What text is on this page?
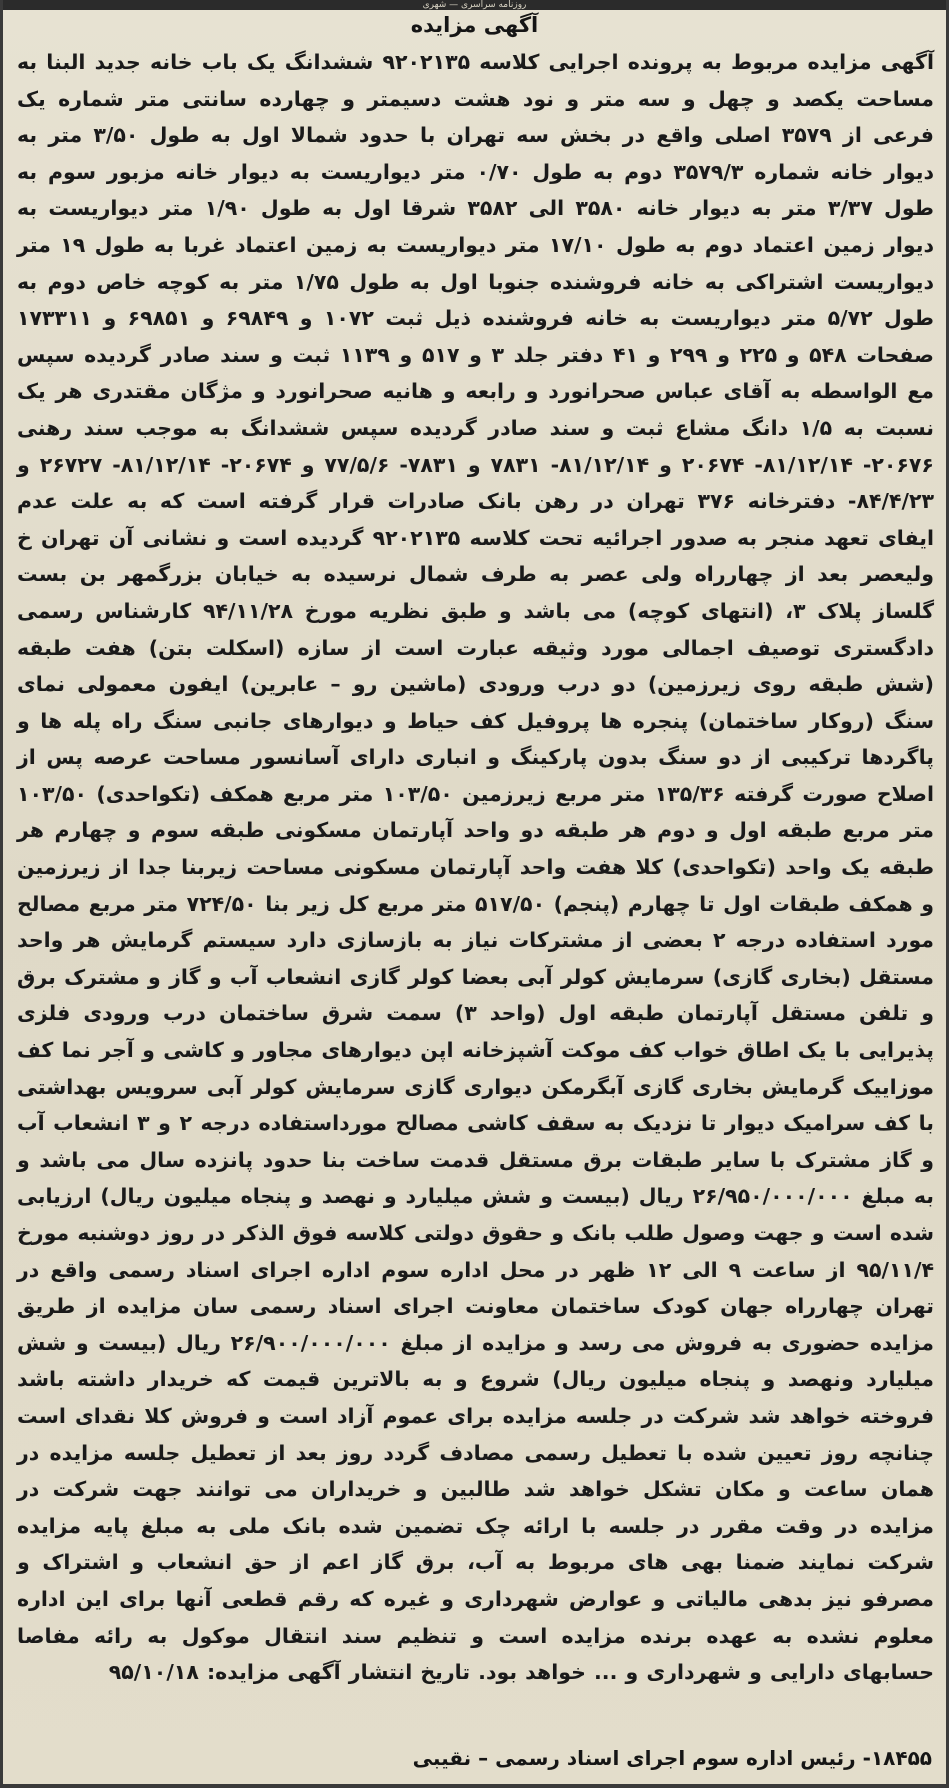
روزنامه سراسری — شهری
آگهی مزایده
آگهی مزایده مربوط به پرونده اجرایی کلاسه ۹۲۰۲۱۳۵ ششدانگ یک باب خانه جدید البنا به مساحت یکصد و چهل و سه متر و نود هشت دسیمتر و چهارده سانتی متر شماره یک فرعی از ۳۵۷۹ اصلی واقع در بخش سه تهران با حدود شمالا اول به طول ۳/۵۰ متر به دیوار خانه شماره ۳۵۷۹/۳ دوم به طول ۰/۷۰ متر دیواریست به دیوار خانه مزبور سوم به طول ۳/۳۷ متر به دیوار خانه ۳۵۸۰ الی ۳۵۸۲ شرقا اول به طول ۱/۹۰ متر دیواریست به دیوار زمین اعتماد دوم به طول ۱۷/۱۰ متر دیواریست به زمین اعتماد غربا به طول ۱۹ متر دیواریست اشتراکی به خانه فروشنده جنوبا اول به طول ۱/۷۵ متر به کوچه خاص دوم به طول ۵/۷۲ متر دیواریست به خانه فروشنده ذیل ثبت ۱۰۷۲ و ۶۹۸۴۹ و ۶۹۸۵۱ و ۱۷۳۳۱۱ صفحات ۵۴۸ و ۲۲۵ و ۲۹۹ و ۴۱ دفتر جلد ۳ و ۵۱۷ و ۱۱۳۹ ثبت و سند صادر گردیده سپس مع الواسطه به آقای عباس صحرانورد و رابعه و هانیه صحرانورد و مژگان مقتدری هر یک نسبت به ۱/۵ دانگ مشاع ثبت و سند صادر گردیده سپس ششدانگ به موجب سند رهنی ۲۰۶۷۶- ۸۱/۱۲/۱۴- ۲۰۶۷۴ و ۸۱/۱۲/۱۴- ۷۸۳۱ و ۷۸۳۱- ۷۷/۵/۶ و ۲۰۶۷۴- ۸۱/۱۲/۱۴- ۲۶۷۲۷ و ۸۴/۴/۲۳- دفترخانه ۳۷۶ تهران در رهن بانک صادرات قرار گرفته است که به علت عدم ایفای تعهد منجر به صدور اجرائیه تحت کلاسه ۹۲۰۲۱۳۵ گردیده است و نشانی آن تهران خ ولیعصر بعد از چهارراه ولی عصر به طرف شمال نرسیده به خیابان بزرگمهر بن بست گلساز پلاک ۳، (انتهای کوچه) می باشد و طبق نظریه مورخ ۹۴/۱۱/۲۸ کارشناس رسمی دادگستری توصیف اجمالی مورد وثیقه عبارت است از سازه (اسکلت بتن) هفت طبقه (شش طبقه روی زیرزمین) دو درب ورودی (ماشین رو – عابرین) ایفون معمولی نمای سنگ (روکار ساختمان) پنجره ها پروفیل کف حیاط و دیوارهای جانبی سنگ راه پله ها و پاگردها ترکیبی از دو سنگ بدون پارکینگ و انباری دارای آسانسور مساحت عرصه پس از اصلاح صورت گرفته ۱۳۵/۳۶ متر مربع زیرزمین ۱۰۳/۵۰ متر مربع همکف (تکواحدی) ۱۰۳/۵۰ متر مربع طبقه اول و دوم هر طبقه دو واحد آپارتمان مسکونی طبقه سوم و چهارم هر طبقه یک واحد (تکواحدی) کلا هفت واحد آپارتمان مسکونی مساحت زیربنا جدا از زیرزمین و همکف طبقات اول تا چهارم (پنجم) ۵۱۷/۵۰ متر مربع کل زیر بنا ۷۲۴/۵۰ متر مربع مصالح مورد استفاده درجه ۲ بعضی از مشترکات نیاز به بازسازی دارد سیستم گرمایش هر واحد مستقل (بخاری گازی) سرمایش کولر آبی بعضا کولر گازی انشعاب آب و گاز و مشترک برق و تلفن مستقل آپارتمان طبقه اول (واحد ۳) سمت شرق ساختمان درب ورودی فلزی پذیرایی با یک اطاق خواب کف موکت آشپزخانه اپن دیوارهای مجاور و کاشی و آجر نما کف موزاییک گرمایش بخاری گازی آبگرمکن دیواری گازی سرمایش کولر آبی سرویس بهداشتی با کف سرامیک دیوار تا نزدیک به سقف کاشی مصالح مورداستفاده درجه ۲ و ۳ انشعاب آب و گاز مشترک با سایر طبقات برق مستقل قدمت ساخت بنا حدود پانزده سال می باشد و به مبلغ ۲۶/۹۵۰/۰۰۰/۰۰۰ ریال (بیست و شش میلیارد و نهصد و پنجاه میلیون ریال) ارزیابی شده است و جهت وصول طلب بانک و حقوق دولتی کلاسه فوق الذکر در روز دوشنبه مورخ ۹۵/۱۱/۴ از ساعت ۹ الی ۱۲ ظهر در محل اداره سوم اداره اجرای اسناد رسمی واقع در تهران چهارراه جهان کودک ساختمان معاونت اجرای اسناد رسمی سان مزایده از طریق مزایده حضوری به فروش می رسد و مزایده از مبلغ ۲۶/۹۰۰/۰۰۰/۰۰۰ ریال (بیست و شش میلیارد ونهصد و پنجاه میلیون ریال) شروع و به بالاترین قیمت که خریدار داشته باشد فروخته خواهد شد شرکت در جلسه مزایده برای عموم آزاد است و فروش کلا نقدای است چنانچه روز تعیین شده با تعطیل رسمی مصادف گردد روز بعد از تعطیل جلسه مزایده در همان ساعت و مکان تشکل خواهد شد طالبین و خریداران می توانند جهت شرکت در مزایده در وقت مقرر در جلسه با ارائه چک تضمین شده بانک ملی به مبلغ پایه مزایده شرکت نمایند ضمنا بهی های مربوط به آب، برق گاز اعم از حق انشعاب و اشتراک و مصرفو نیز بدهی مالیاتی و عوارض شهرداری و غیره که رقم قطعی آنها برای این اداره معلوم نشده به عهده برنده مزایده است و تنظیم سند انتقال موکول به رائه مفاصا حسابهای دارایی و شهرداری و ... خواهد بود. تاریخ انتشار آگهی مزایده: ۹۵/۱۰/۱۸
۱۸۴۵۵- رئیس اداره سوم اجرای اسناد رسمی – نقیبی
